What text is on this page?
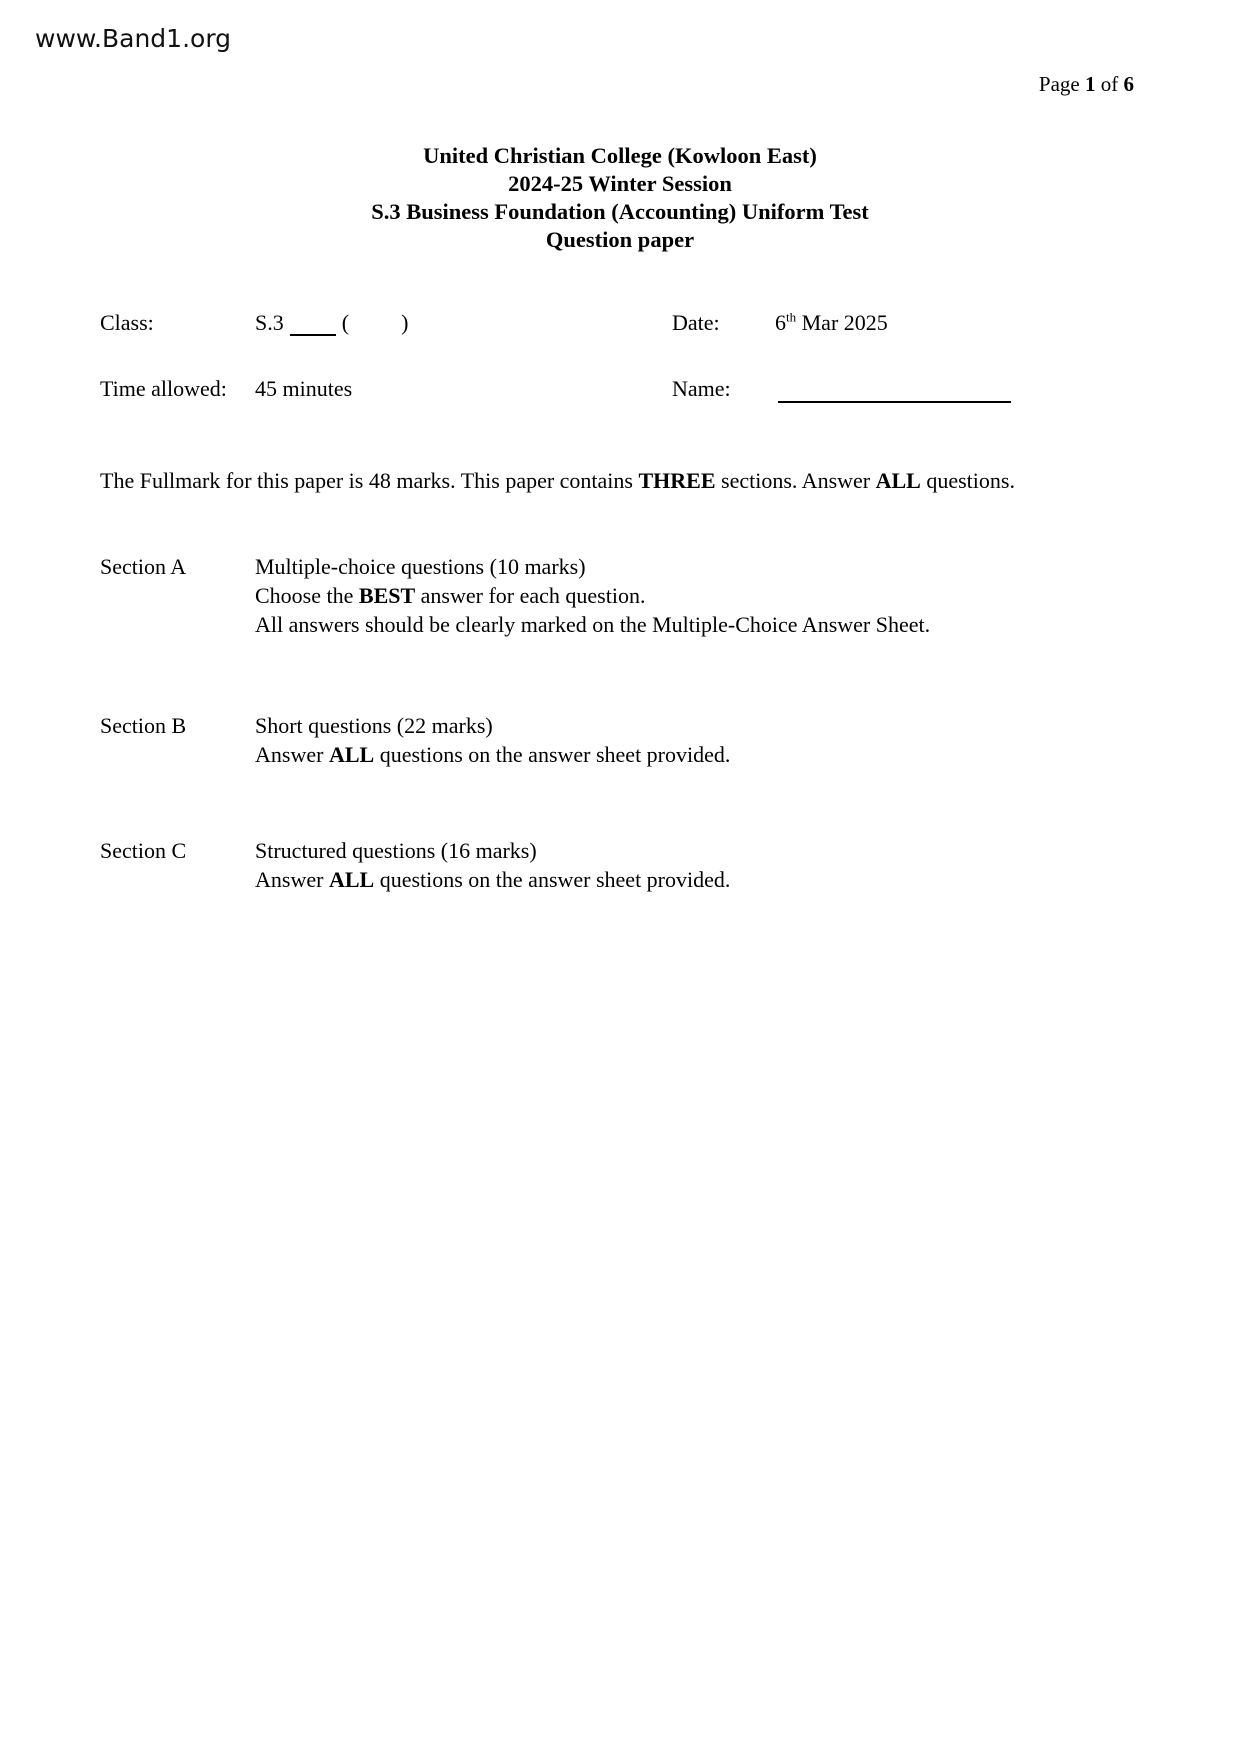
www.Band1.org
Page 1 of 6
United Christian College (Kowloon East)
2024-25 Winter Session
S.3 Business Foundation (Accounting) Uniform Test
Question paper
Class:	S.3	( )	Date:	6th Mar 2025
Time allowed: 45 minutes	Name:
The Fullmark for this paper is 48 marks. This paper contains THREE sections. Answer ALL questions.
Section A	Multiple-choice questions (10 marks)
Choose the BEST answer for each question.
All answers should be clearly marked on the Multiple-Choice Answer Sheet.
Section B	Short questions (22 marks)
Answer ALL questions on the answer sheet provided.
Section C	Structured questions (16 marks)
Answer ALL questions on the answer sheet provided.
